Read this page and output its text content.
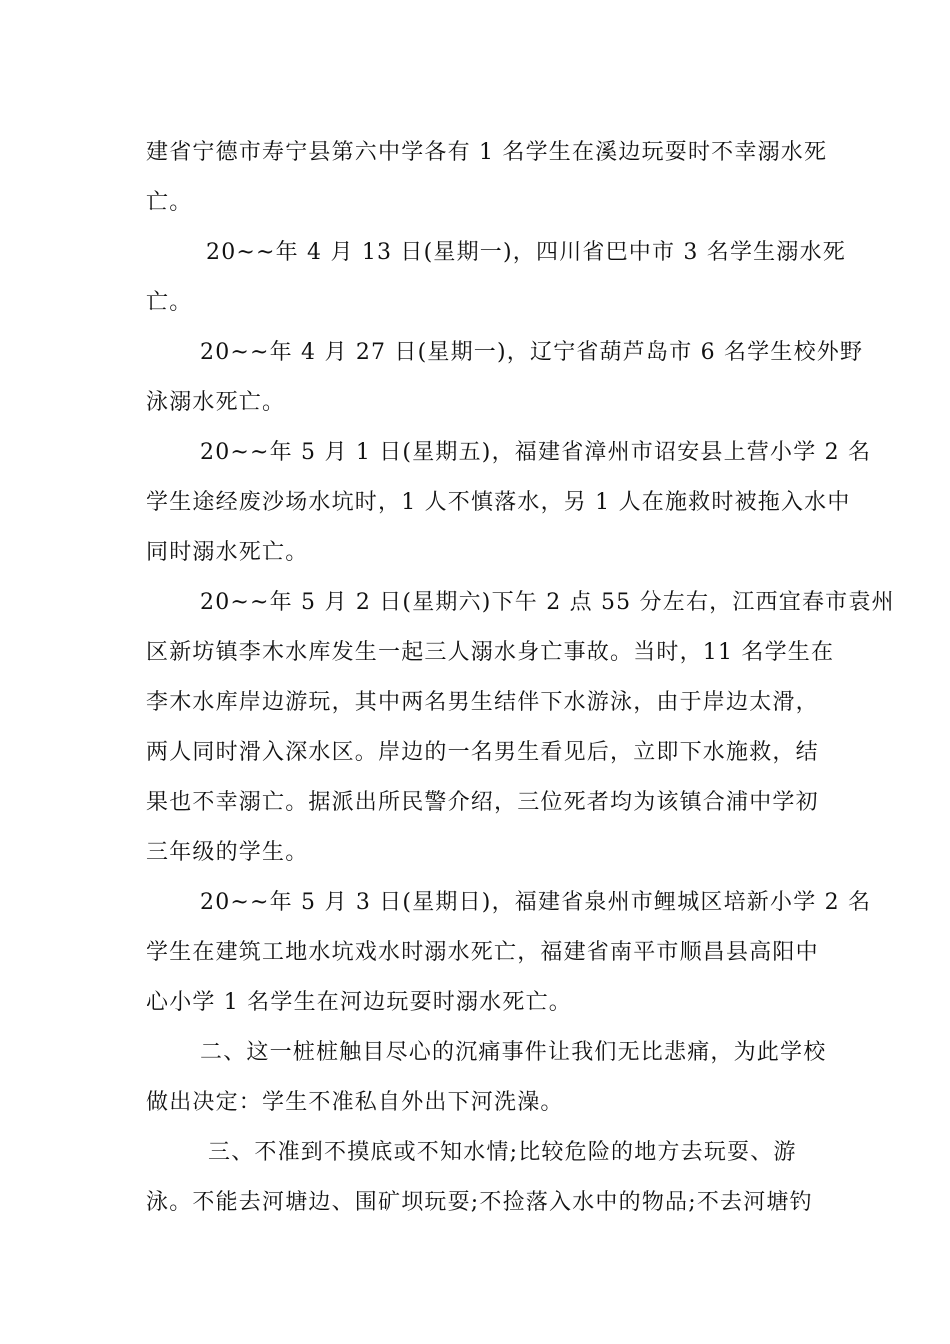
建省宁德市寿宁县第六中学各有 1 名学生在溪边玩耍时不幸溺水死
亡。
20~~年 4 月 13 日(星期一)，四川省巴中市 3 名学生溺水死
亡。
20~~年 4 月 27 日(星期一)，辽宁省葫芦岛市 6 名学生校外野
泳溺水死亡。
20~~年 5 月 1 日(星期五)，福建省漳州市诏安县上营小学 2 名
学生途经废沙场水坑时，1 人不慎落水，另 1 人在施救时被拖入水中
同时溺水死亡。
20~~年 5 月 2 日(星期六)下午 2 点 55 分左右，江西宜春市袁州
区新坊镇李木水库发生一起三人溺水身亡事故。当时，11 名学生在
李木水库岸边游玩，其中两名男生结伴下水游泳，由于岸边太滑，
两人同时滑入深水区。岸边的一名男生看见后，立即下水施救，结
果也不幸溺亡。据派出所民警介绍，三位死者均为该镇合浦中学初
三年级的学生。
20~~年 5 月 3 日(星期日)，福建省泉州市鲤城区培新小学 2 名
学生在建筑工地水坑戏水时溺水死亡，福建省南平市顺昌县高阳中
心小学 1 名学生在河边玩耍时溺水死亡。
二、这一桩桩触目尽心的沉痛事件让我们无比悲痛，为此学校
做出决定：学生不准私自外出下河洗澡。
三、不准到不摸底或不知水情;比较危险的地方去玩耍、游
泳。不能去河塘边、围矿坝玩耍;不捡落入水中的物品;不去河塘钓
